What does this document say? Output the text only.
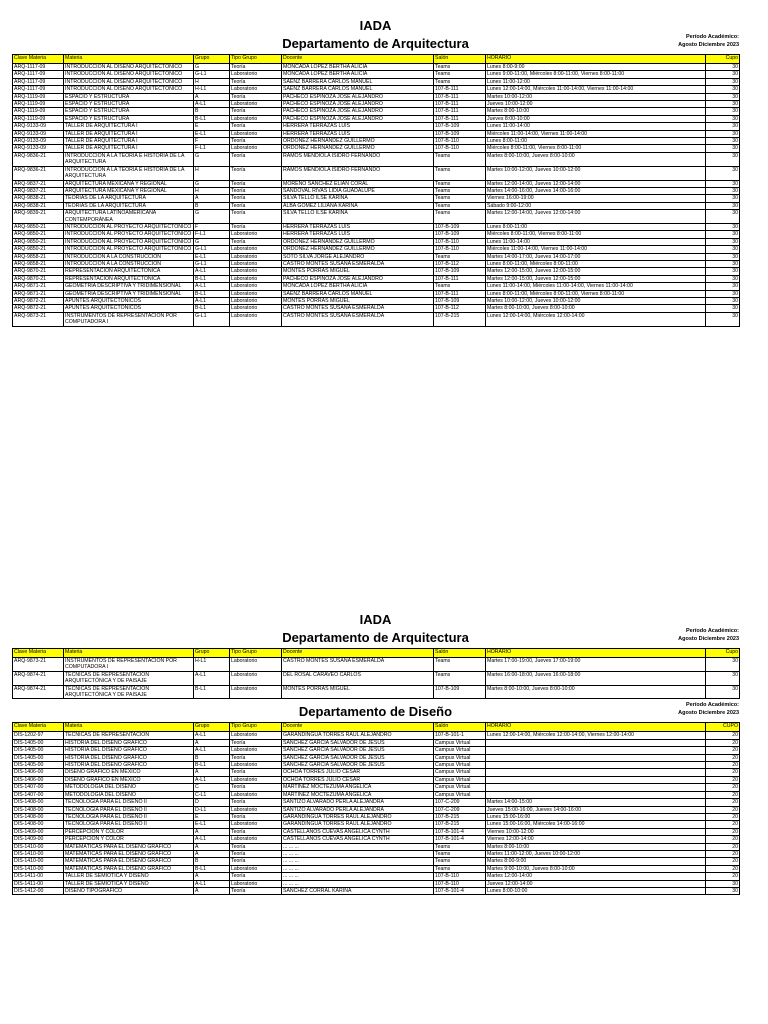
IADA
Departamento de Arquitectura	Período Académico:
Agosto Diciembre 2023
Clave Materia	Materia	Grupo	Tipo Grupo	Docente	Salón	HORARIO	Cupo
ARQ-1117-09	INTRODUCCIÓN AL DISEÑO ARQUITECTÓNICO	G	Teoría	MONCADA LÓPEZ BERTHA ALICIA	Teams	Lunes 8:00-9:00	30
ARQ-1117-09	INTRODUCCIÓN AL DISEÑO ARQUITECTÓNICO	G-L1	Laboratorio	MONCADA LÓPEZ BERTHA ALICIA	Teams	Lunes 9:00-11:00, Miércoles 8:00-11:00, Viernes 8:00-11:00	30
ARQ-1117-09	INTRODUCCIÓN AL DISEÑO ARQUITECTÓNICO	H	Teoría	SAENZ BARRERA CARLOS MANUEL	Teams	Lunes 11:00-12:00	30
ARQ-1117-09	INTRODUCCIÓN AL DISEÑO ARQUITECTÓNICO	H-L1	Laboratorio	SAENZ BARRERA CARLOS MANUEL	107-B-111	Lunes 12:00-14:00, Miércoles 11:00-14:00, Viernes 11:00-14:00	30
ARQ-1119-09	ESPACIO Y ESTRUCTURA	A	Teoría	PACHECO ESPINOZA JOSÉ ALEJANDRO	107-B-111	Martes 10:00-12:00	30
ARQ-1119-09	ESPACIO Y ESTRUCTURA	A-L1	Laboratorio	PACHECO ESPINOZA JOSÉ ALEJANDRO	107-B-111	Jueves 10:00-12:00	30
ARQ-1119-09	ESPACIO Y ESTRUCTURA	B	Teoría	PACHECO ESPINOZA JOSÉ ALEJANDRO	107-B-111	Martes 8:00-10:00	30
ARQ-1119-09	ESPACIO Y ESTRUCTURA	B-L1	Laboratorio	PACHECO ESPINOZA JOSÉ ALEJANDRO	107-B-111	Jueves 8:00-10:00	30
ARQ-9133-09	TALLER DE ARQUITECTURA I	E	Teoría	HERRERA TERRAZAS LUIS	107-B-109	Lunes 11:00-14:00	30
ARQ-9133-09	TALLER DE ARQUITECTURA I	E-L1	Laboratorio	HERRERA TERRAZAS LUIS	107-B-109	Miércoles 11:00-14:00, Viernes 11:00-14:00	30
ARQ-9133-09	TALLER DE ARQUITECTURA I	F	Teoría	ORDOÑEZ HERNÁNDEZ GUILLERMO	107-B-110	Lunes 8:00-11:00	30
ARQ-9133-09	TALLER DE ARQUITECTURA I	F-L1	Laboratorio	ORDOÑEZ HERNÁNDEZ GUILLERMO	107-B-110	Miércoles 8:00-11:00, Viernes 8:00-11:00	30
ARQ-9836-21	INTRODUCCIÓN A LA TEORÍA E HISTORIA DE LA ARQUITECTURA	G	Teoría	RAMOS MENDIOLA ISIDRO FERNANDO	Teams	Martes 8:00-10:00, Jueves 8:00-10:00	30
ARQ-9836-21	INTRODUCCIÓN A LA TEORÍA E HISTORIA DE LA ARQUITECTURA	H	Teoría	RAMOS MENDIOLA ISIDRO FERNANDO	Teams	Martes 10:00-12:00, Jueves 10:00-12:00	30
ARQ-9837-21	ARQUITECTURA MEXICANA Y REGIONAL	G	Teoría	MORENO SÁNCHEZ ELIAN CORAL	Teams	Martes 12:00-14:00, Jueves 12:00-14:00	30
ARQ-9837-21	ARQUITECTURA MEXICANA Y REGIONAL	H	Teoría	SANDOVAL RIVAS LIDIA GUADALUPE	Teams	Martes 14:00-16:00, Jueves 14:00-16:00	30
ARQ-9838-21	TEORÍAS DE LA ARQUITECTURA	A	Teoría	SILVA TELLO ILSE KARINA	Teams	Viernes 16:00-19:00	30
ARQ-9838-21	TEORÍAS DE LA ARQUITECTURA	B	Teoría	ALBA GÓMEZ LILIANA KARINA	Teams	Sábado 9:00-12:00	30
ARQ-9839-21	ARQUITECTURA LATINOAMERICANA CONTEMPORÁNEA	G	Teoría	SILVA TELLO ILSE KARINA	Teams	Martes 12:00-14:00, Jueves 12:00-14:00	30
ARQ-9850-21	INTRODUCCIÓN AL PROYECTO ARQUITECTÓNICO	F	Teoría	HERRERA TERRAZAS LUIS	107-B-109	Lunes 8:00-11:00	30
ARQ-9850-21	INTRODUCCIÓN AL PROYECTO ARQUITECTÓNICO	F-L1	Laboratorio	HERRERA TERRAZAS LUIS	107-B-109	Miércoles 8:00-11:00, Viernes 8:00-11:00	30
ARQ-9850-21	INTRODUCCIÓN AL PROYECTO ARQUITECTÓNICO	G	Teoría	ORDOÑEZ HERNÁNDEZ GUILLERMO	107-B-110	Lunes 11:00-14:00	30
ARQ-9850-21	INTRODUCCIÓN AL PROYECTO ARQUITECTÓNICO	G-L1	Laboratorio	ORDOÑEZ HERNÁNDEZ GUILLERMO	107-B-110	Miércoles 11:00-14:00, Viernes 11:00-14:00	30
ARQ-9858-21	INTRODUCCIÓN A LA CONSTRUCCIÓN	E-L1	Laboratorio	SOTO SILVA JORGE ALEJANDRO	Teams	Martes 14:00-17:00, Jueves 14:00-17:00	30
ARQ-9858-21	INTRODUCCIÓN A LA CONSTRUCCIÓN	G-L1	Laboratorio	CASTRO MONTES SUSANA ESMERALDA	107-B-112	Lunes 8:00-11:00, Miércoles 8:00-11:00	30
ARQ-9870-21	REPRESENTACIÓN ARQUITECTÓNICA	A-L1	Laboratorio	MONTES PORRAS MIGUEL	107-B-109	Martes 12:00-15:00, Jueves 12:00-15:00	30
ARQ-9870-21	REPRESENTACIÓN ARQUITECTÓNICA	B-L1	Laboratorio	PACHECO ESPINOZA JOSÉ ALEJANDRO	107-B-111	Martes 12:00-15:00, Jueves 12:00-15:00	30
ARQ-9871-21	GEOMETRÍA DESCRIPTIVA Y TRIDIMENSIONAL	A-L1	Laboratorio	MONCADA LÓPEZ BERTHA ALICIA	Teams	Lunes 11:00-14:00, Miércoles 11:00-14:00, Viernes 11:00-14:00	30
ARQ-9871-21	GEOMETRÍA DESCRIPTIVA Y TRIDIMENSIONAL	B-L1	Laboratorio	SAENZ BARRERA CARLOS MANUEL	107-B-111	Lunes 8:00-11:00, Miércoles 8:00-11:00, Viernes 8:00-11:00	30
ARQ-9872-21	APUNTES ARQUITECTÓNICOS	A-L1	Laboratorio	MONTES PORRAS MIGUEL	107-B-109	Martes 10:00-12:00, Jueves 10:00-12:00	30
ARQ-9872-21	APUNTES ARQUITECTÓNICOS	B-L1	Laboratorio	CASTRO MONTES SUSANA ESMERALDA	107-B-112	Martes 8:00-10:00, Jueves 8:00-10:00	30
ARQ-9873-21	INSTRUMENTOS DE REPRESENTACIÓN POR COMPUTADORA I	G-L1	Laboratorio	CASTRO MONTES SUSANA ESMERALDA	107-B-215	Lunes 12:00-14:00, Miércoles 12:00-14:00	30
IADA
Departamento de Arquitectura	Período Académico:
Agosto Diciembre 2023
Clave Materia	Materia	Grupo	Tipo Grupo	Docente	Salón	HORARIO	Cupo
ARQ-9873-21	INSTRUMENTOS DE REPRESENTACIÓN POR COMPUTADORA I	H-L1	Laboratorio	CASTRO MONTES SUSANA ESMERALDA	Teams	Martes 17:00-19:00, Jueves 17:00-19:00	30
ARQ-9874-21	TÉCNICAS DE REPRESENTACIÓN ARQUITECTÓNICA Y DE PAISAJE	A-L1	Laboratorio	DEL ROSAL CARAVEO CARLOS	Teams	Martes 16:00-18:00, Jueves 16:00-18:00	30
ARQ-9874-21	TÉCNICAS DE REPRESENTACIÓN ARQUITECTÓNICA Y DE PAISAJE	B-L1	Laboratorio	MONTES PORRAS MIGUEL	107-B-109	Martes 8:00-10:00, Jueves 8:00-10:00	30
Departamento de Diseño	Período Académico:
Agosto Diciembre 2023
Clave Materia	Materia	Grupo	Tipo Grupo	Docente	Salón	HORARIO	CUPO
DIS-1202-97	TÉCNICAS DE REPRESENTACIÓN	A-L1	Laboratorio	GARANDINGUA TORRES RAÚL ALEJANDRO	107-B-101-1	Lunes 12:00-14:00, Miércoles 12:00-14:00, Viernes 12:00-14:00	20
DIS-1405-00	HISTORIA DEL DISEÑO GRÁFICO	A	Teoría	SÁNCHEZ GARCÍA SALVADOR DE JESÚS	Campus Virtual		20
DIS-1405-00	HISTORIA DEL DISEÑO GRÁFICO	A-L1	Laboratorio	SÁNCHEZ GARCÍA SALVADOR DE JESÚS	Campus Virtual		20
DIS-1405-00	HISTORIA DEL DISEÑO GRÁFICO	B	Teoría	SÁNCHEZ GARCÍA SALVADOR DE JESÚS	Campus Virtual		20
DIS-1405-00	HISTORIA DEL DISEÑO GRÁFICO	B-L1	Laboratorio	SÁNCHEZ GARCÍA SALVADOR DE JESÚS	Campus Virtual		20
DIS-1406-00	DISEÑO GRÁFICO EN MÉXICO	A	Teoría	OCHOA TORRES JULIO CÉSAR	Campus Virtual		20
DIS-1406-00	DISEÑO GRÁFICO EN MÉXICO	A-L1	Laboratorio	OCHOA TORRES JULIO CÉSAR	Campus Virtual		20
DIS-1407-00	METODOLOGÍA DEL DISEÑO	C	Teoría	MARTÍNEZ MOCTEZUMA ANGÉLICA	Campus Virtual		20
DIS-1407-00	METODOLOGÍA DEL DISEÑO	C-L1	Laboratorio	MARTÍNEZ MOCTEZUMA ANGÉLICA	Campus Virtual		20
DIS-1408-00	TECNOLOGÍA PARA EL DISEÑO II	D	Teoría	SANTIZO ALVARADO PERLA ALEJANDRA	107-C-209	Martes 14:00-15:00	20
DIS-1408-00	TECNOLOGÍA PARA EL DISEÑO II	D-L1	Laboratorio	SANTIZO ALVARADO PERLA ALEJANDRA	107-C-209	Jueves 15:00-16:00, Jueves 14:00-16:00	20
DIS-1408-00	TECNOLOGÍA PARA EL DISEÑO II	E	Teoría	GARANDINGUA TORRES RAÚL ALEJANDRO	107-B-215	Lunes 15:00-16:00	20
DIS-1408-00	TECNOLOGÍA PARA EL DISEÑO II	E-L1	Laboratorio	GARANDINGUA TORRES RAÚL ALEJANDRO	107-B-215	Lunes 15:00-16:00, Miércoles 14:00-16:00	20
DIS-1409-00	PERCEPCIÓN Y COLOR	A	Teoría	CASTELLANOS CUEVAS ANGÉLICA CYNTH	107-B-101-4	Viernes 10:00-12:00	20
DIS-1409-00	PERCEPCIÓN Y COLOR	A-L1	Laboratorio	CASTELLANOS CUEVAS ANGÉLICA CYNTH	107-B-101-4	Viernes 12:00-14:00	20
DIS-1410-00	MATEMÁTICAS PARA EL DISEÑO GRÁFICO	A	Teoría	... ... ...	Teams	Martes 8:00-10:00	20
DIS-1410-00	MATEMÁTICAS PARA EL DISEÑO GRÁFICO	A	Teoría	... ... ...	Teams	Martes 11:00-12:00, Jueves 10:00-12:00	20
DIS-1410-00	MATEMÁTICAS PARA EL DISEÑO GRÁFICO	B	Teoría	... ... ...	Teams	Martes 8:00-9:00	20
DIS-1410-00	MATEMÁTICAS PARA EL DISEÑO GRÁFICO	B-L1	Laboratorio	... ... ...	Teams	Martes 9:00-10:00, Jueves 8:00-10:00	20
DIS-1411-00	TALLER DE SEMIÓTICA Y DISEÑO	A	Teoría	... ... ...	107-B-110	Martes 12:00-14:00	20
DIS-1411-00	TALLER DE SEMIÓTICA Y DISEÑO	A-L1	Laboratorio	... ... ...	107-B-110	Jueves 12:00-14:00	30
DIS-1412-00	DISEÑO TIPOGRÁFICO	A	Teoría	SÁNCHEZ CORRAL KARINA	107-B-101-4	Lunes 8:00-10:00	30
